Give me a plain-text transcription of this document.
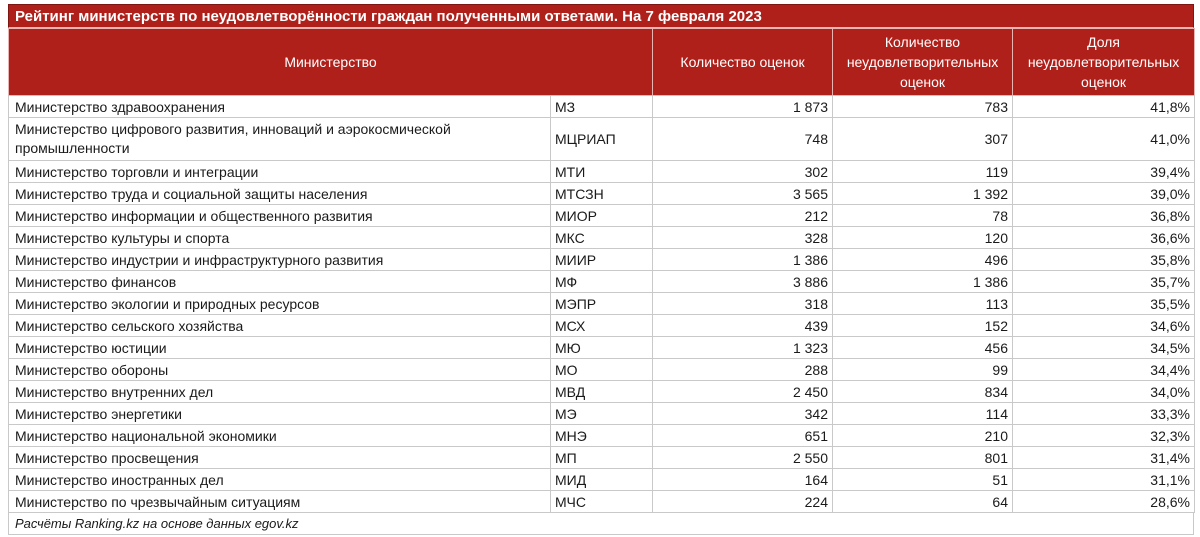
Рейтинг министерств по неудовлетворённости граждан полученными ответами. На 7 февраля 2023
Министерство		Количество оценок	Количество неудовлетворительных оценок	Доля неудовлетворительных оценок
Министерство здравоохранения	МЗ	1 873	783	41,8%
Министерство цифрового развития, инноваций и аэрокосмической промышленности	МЦРИАП	748	307	41,0%
Министерство торговли и интеграции	МТИ	302	119	39,4%
Министерство труда и социальной защиты населения	МТСЗН	3 565	1 392	39,0%
Министерство информации и общественного развития	МИОР	212	78	36,8%
Министерство культуры и спорта	МКС	328	120	36,6%
Министерство индустрии и инфраструктурного развития	МИИР	1 386	496	35,8%
Министерство финансов	МФ	3 886	1 386	35,7%
Министерство экологии и природных ресурсов	МЭПР	318	113	35,5%
Министерство сельского хозяйства	МСХ	439	152	34,6%
Министерство юстиции	МЮ	1 323	456	34,5%
Министерство обороны	МО	288	99	34,4%
Министерство внутренних дел	МВД	2 450	834	34,0%
Министерство энергетики	МЭ	342	114	33,3%
Министерство национальной экономики	МНЭ	651	210	32,3%
Министерство просвещения	МП	2 550	801	31,4%
Министерство иностранных дел	МИД	164	51	31,1%
Министерство по чрезвычайным ситуациям	МЧС	224	64	28,6%
Расчёты Ranking.kz на основе данных egov.kz
